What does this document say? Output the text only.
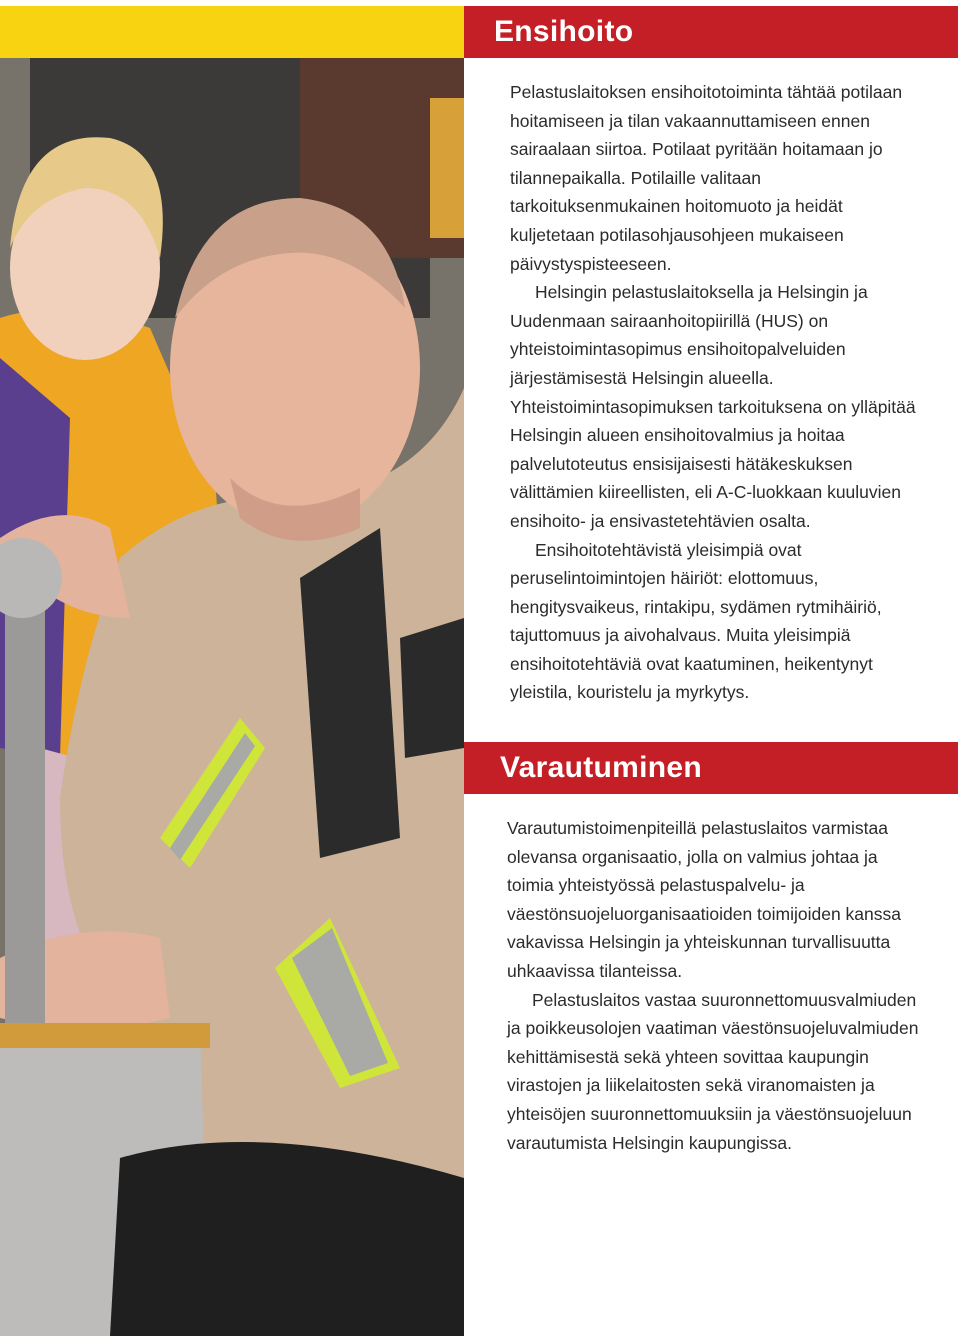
Ensihoito

Pelastuslaitoksen ensihoitotoiminta tähtää potilaan hoitamiseen ja tilan vakaannuttamiseen ennen sairaalaan siirtoa. Potilaat pyritään hoitamaan jo tilannepaikalla. Potilaille valitaan tarkoituksenmukainen hoitomuoto ja heidät kuljetetaan potilasohjausohjeen mukaiseen päivystyspisteeseen.

Helsingin pelastuslaitoksella ja Helsingin ja Uudenmaan sairaanhoitopiirillä (HUS) on yhteistoimintasopimus ensihoitopalveluiden järjestämisestä Helsingin alueella. Yhteistoimintasopimuksen tarkoituksena on ylläpitää Helsingin alueen ensihoitovalmius ja hoitaa palvelutoteutus ensisijaisesti hätäkeskuksen välittämien kiireellisten, eli A-C-luokkaan kuuluvien ensihoito- ja ensivastetehtävien osalta.

Ensihoitotehtävistä yleisimpiä ovat peruselintoimintojen häiriöt: elottomuus, hengitysvaikeus, rintakipu, sydämen rytmihäiriö, tajuttomuus ja aivohalvaus. Muita yleisimpiä ensihoitotehtäviä ovat kaatuminen, heikentynyt yleistila, kouristelu ja myrkytys.

Varautuminen

Varautumistoimenpiteillä pelastuslaitos varmistaa olevansa organisaatio, jolla on valmius johtaa ja toimia yhteistyössä pelastuspalvelu- ja väestönsuojeluorganisaatioiden toimijoiden kanssa vakavissa Helsingin ja yhteiskunnan turvallisuutta uhkaavissa tilanteissa.

Pelastuslaitos vastaa suuronnettomuusvalmiuden ja poikkeusolojen vaatiman väestönsuojeluvalmiuden kehittämisestä sekä yhteen sovittaa kaupungin virastojen ja liikelaitosten sekä viranomaisten ja yhteisöjen suuronnettomuuksiin ja väestönsuojeluun varautumista Helsingin kaupungissa.
